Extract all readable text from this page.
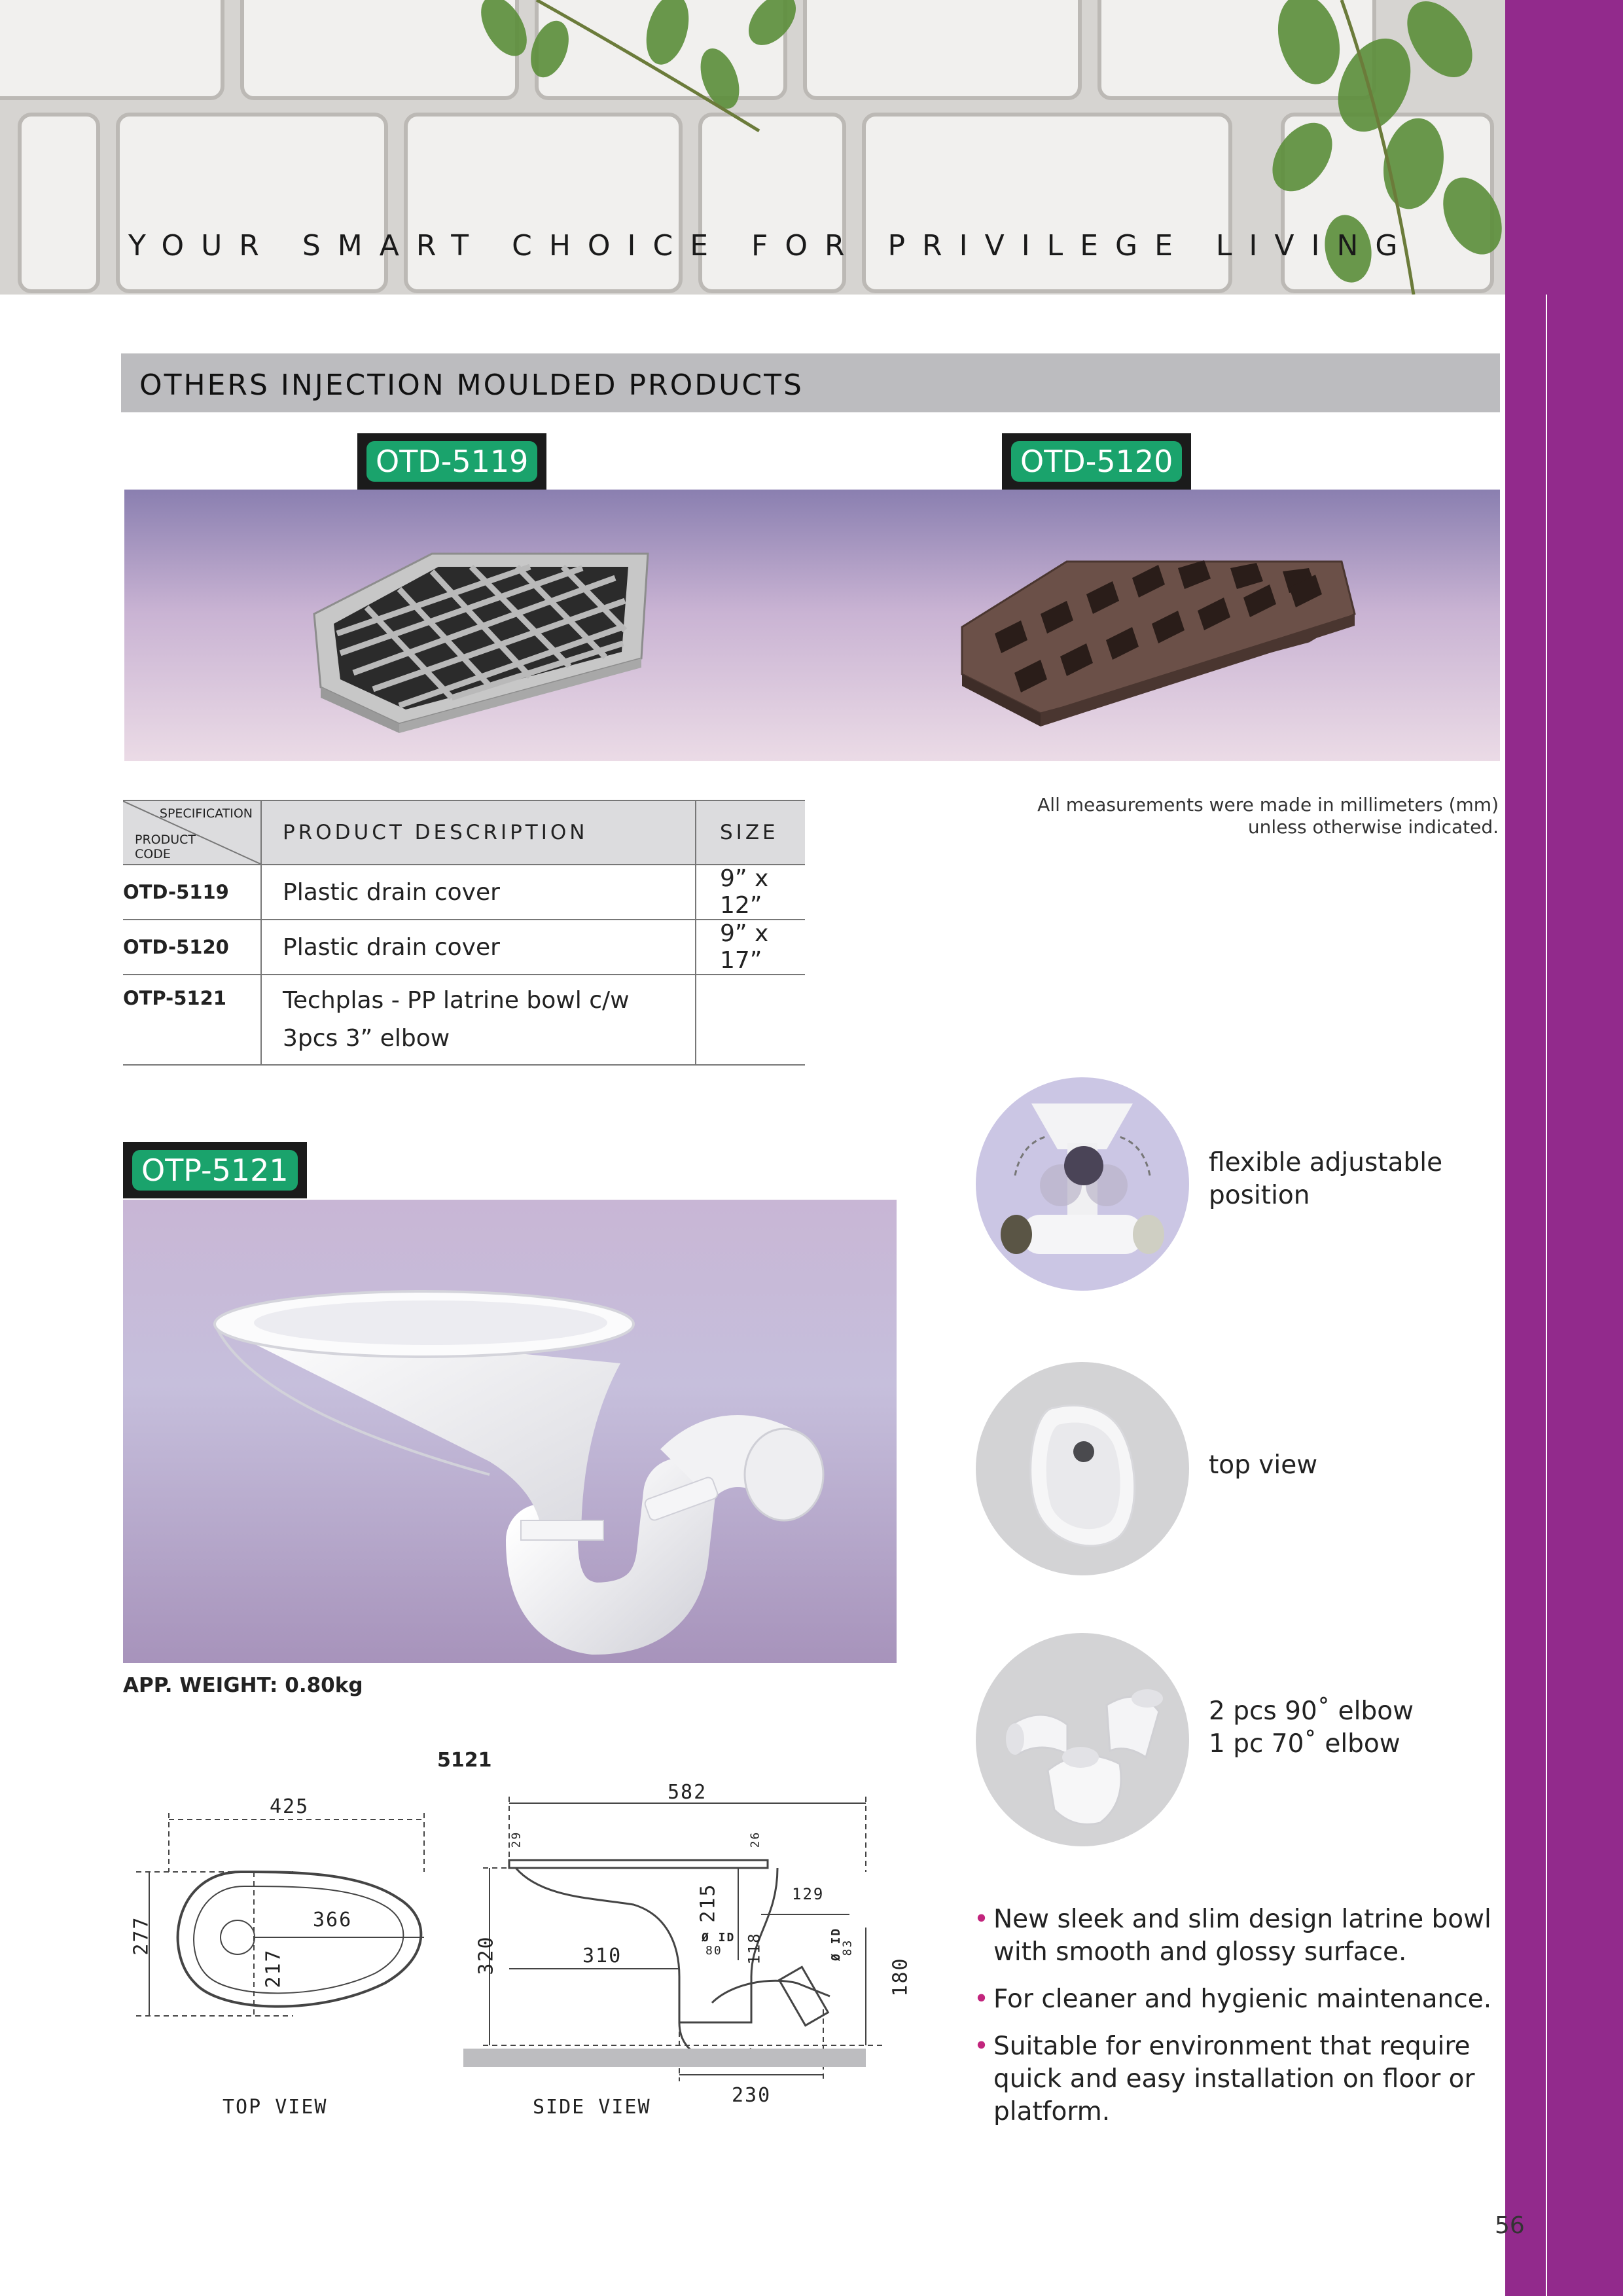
YOUR SMART CHOICE FOR PRIVILEGE LIVING
OTHERS INJECTION MOULDED PRODUCTS
OTD-5119	OTD-5120
SPECIFICATION
PRODUCT CODE	PRODUCT DESCRIPTION	SIZE
OTD-5119	Plastic drain cover	9” x 12”
OTD-5120	Plastic drain cover	9” x 17”
OTP-5121	Techplas - PP latrine bowl c/w
3pcs 3” elbow	

All measurements were made in millimeters (mm)
unless otherwise indicated.
OTP-5121
APP. WEIGHT: 0.80kg
5121
425
277	366
217
582
320	310
215
118
129
180
230
29	26
Ø ID
80	Ø ID
83
TOP VIEW	SIDE VIEW
flexible adjustable
position
top view
2 pcs 90˚ elbow
1 pc 70˚ elbow
• New sleek and slim design latrine bowl with smooth and glossy surface.
• For cleaner and hygienic maintenance.
• Suitable for environment that require quick and easy installation on floor or platform.
56
